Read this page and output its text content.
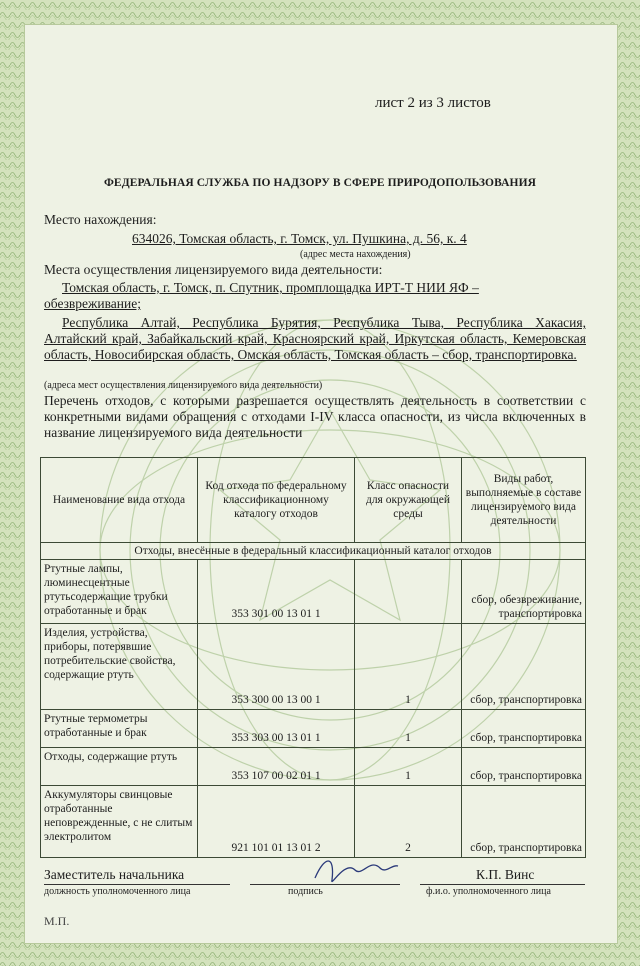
лист 2 из 3 листов
ФЕДЕРАЛЬНАЯ СЛУЖБА ПО НАДЗОРУ В СФЕРЕ ПРИРОДОПОЛЬЗОВАНИЯ
Место нахождения:
634026, Томская область, г. Томск, ул. Пушкина, д. 56, к. 4
(адрес места нахождения)
Места осуществления лицензируемого вида деятельности:
Томская область, г. Томск, п. Спутник, промплощадка ИРТ-Т НИИ ЯФ –
обезвреживание;
Республика Алтай, Республика Бурятия, Республика Тыва, Республика Хакасия, Алтайский край, Забайкальский край, Красноярский край, Иркутская область, Кемеровская область, Новосибирская область, Омская область, Томская область – сбор, транспортировка.
(адреса мест осуществления лицензируемого вида деятельности)
Перечень отходов, с которыми разрешается осуществлять деятельность в соответствии с конкретными видами обращения с отходами I-IV класса опасности, из числа включенных в название лицензируемого вида деятельности
Наименование вида отхода	Код отхода по федеральному классификационному каталогу отходов	Класс опасности для окружающей среды	Виды работ, выполняемые в составе лицензируемого вида деятельности
Отходы, внесённые в федеральный классификационный каталог отходов			
Ртутные лампы, люминесцентные ртутьсодержащие трубки отработанные и брак	353 301 00 13 01 1		сбор, обезвреживание, транспортировка
Изделия, устройства, приборы, потерявшие потребительские свойства, содержащие ртуть	353 300 00 13 00 1	1	сбор, транспортировка
Ртутные термометры отработанные и брак	353 303 00 13 01 1	1	сбор, транспортировка
Отходы, содержащие ртуть	353 107 00 02 01 1	1	сбор, транспортировка
Аккумуляторы свинцовые отработанные неповрежденные, с не слитым электролитом	921 101 01 13 01 2	2	сбор, транспортировка
Заместитель начальника
должность уполномоченного лица	подпись
К.П. Винс
ф.и.о. уполномоченного лица
М.П.
